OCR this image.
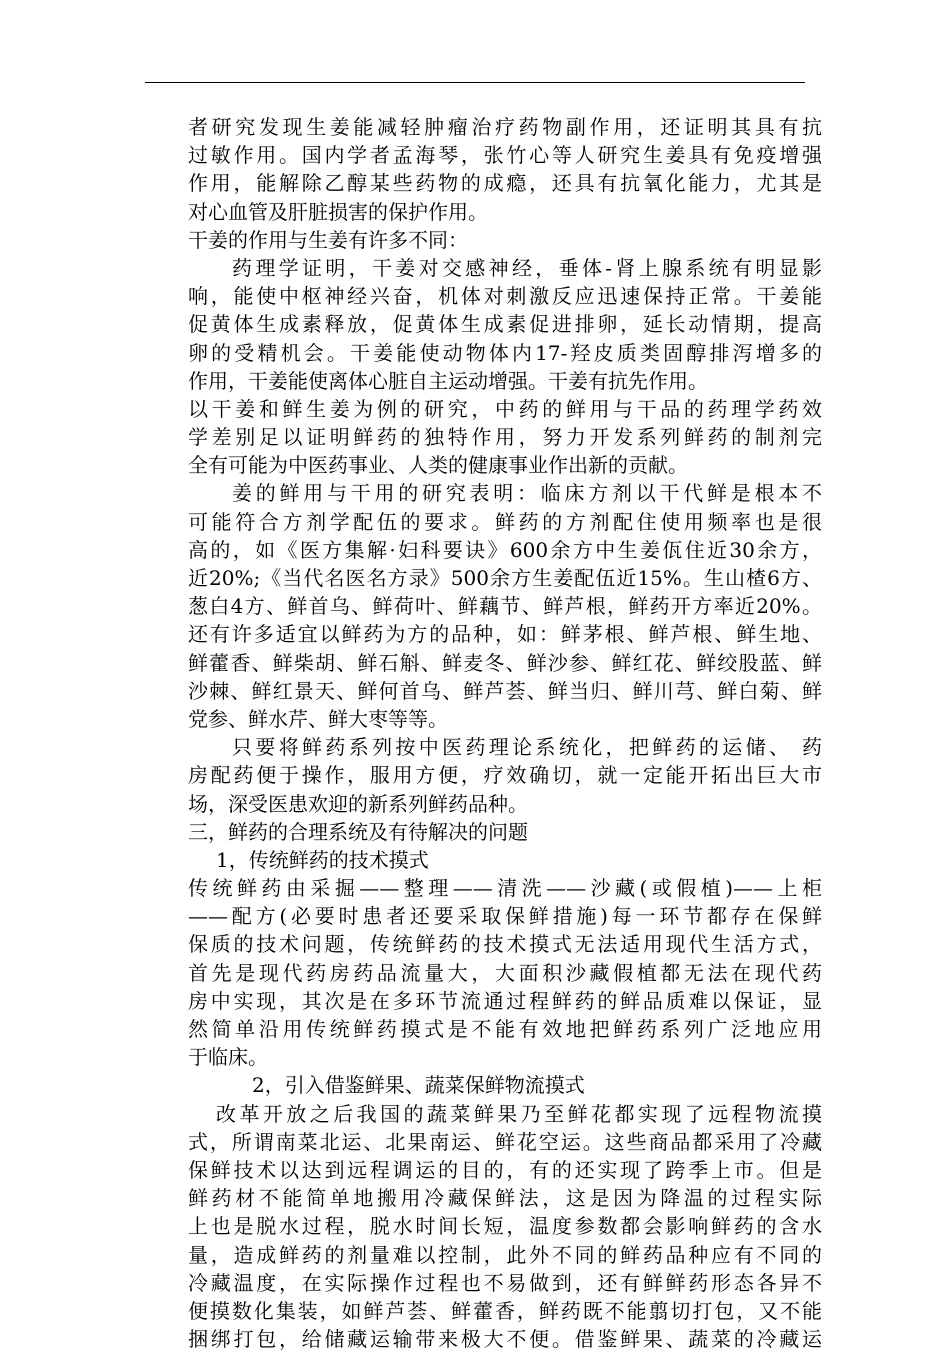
者研究发现生姜能减轻肿瘤治疗药物副作用，还证明其具有抗
过敏作用。国内学者孟海琴，张竹心等人研究生姜具有免疫增强
作用，能解除乙醇某些药物的成瘾，还具有抗氧化能力，尤其是
对心血管及肝脏损害的保护作用。
干姜的作用与生姜有许多不同：
药理学证明，干姜对交感神经，垂体-肾上腺系统有明显影
响，能使中枢神经兴奋，机体对刺激反应迅速保持正常。干姜能
促黄体生成素释放，促黄体生成素促进排卵，延长动情期，提高
卵的受精机会。干姜能使动物体内17-羟皮质类固醇排泻增多的
作用，干姜能使离体心脏自主运动增强。干姜有抗先作用。
以干姜和鲜生姜为例的研究，中药的鲜用与干品的药理学药效
学差别足以证明鲜药的独特作用，努力开发系列鲜药的制剂完
全有可能为中医药事业、人类的健康事业作出新的贡献。
姜的鲜用与干用的研究表明：临床方剂以干代鲜是根本不
可能符合方剂学配伍的要求。鲜药的方剂配住使用频率也是很
高的，如《医方集解·妇科要诀》600余方中生姜佤住近30余方，
近20%;《当代名医名方录》500余方生姜配伍近15%。生山楂6方、
葱白4方、鲜首乌、鲜荷叶、鲜藕节、鲜芦根，鲜药开方率近20%。
还有许多适宜以鲜药为方的品种，如：鲜茅根、鲜芦根、鲜生地、
鲜藿香、鲜柴胡、鲜石斛、鲜麦冬、鲜沙参、鲜红花、鲜绞股蓝、鲜
沙棘、鲜红景天、鲜何首乌、鲜芦荟、鲜当归、鲜川芎、鲜白菊、鲜
党参、鲜水芹、鲜大枣等等。
只要将鲜药系列按中医药理论系统化，把鲜药的运储、 药
房配药便于操作，服用方便，疗效确切，就一定能开拓出巨大市
场，深受医患欢迎的新系列鲜药品种。
三，鲜药的合理系统及有待解决的问题
1，传统鲜药的技术摸式
传统鲜药由采掘——整理——清洗——沙藏(或假植)——上柜
——配方(必要时患者还要采取保鲜措施)每一环节都存在保鲜
保质的技术问题，传统鲜药的技术摸式无法适用现代生活方式，
首先是现代药房药品流量大，大面积沙藏假植都无法在现代药
房中实现，其次是在多环节流通过程鲜药的鲜品质难以保证，显
然简单沿用传统鲜药摸式是不能有效地把鲜药系列广泛地应用
于临床。
2，引入借鉴鲜果、蔬菜保鲜物流摸式
改革开放之后我国的蔬菜鲜果乃至鲜花都实现了远程物流摸
式，所谓南菜北运、北果南运、鲜花空运。这些商品都采用了冷藏
保鲜技术以达到远程调运的目的，有的还实现了跨季上市。但是
鲜药材不能简单地搬用冷藏保鲜法，这是因为降温的过程实际
上也是脱水过程，脱水时间长短，温度参数都会影响鲜药的含水
量，造成鲜药的剂量难以控制，此外不同的鲜药品种应有不同的
冷藏温度，在实际操作过程也不易做到，还有鲜鲜药形态各异不
便摸数化集装，如鲜芦荟、鲜藿香，鲜药既不能翦切打包，又不能
捆绑打包，给储藏运输带来极大不便。借鉴鲜果、蔬菜的冷藏运
